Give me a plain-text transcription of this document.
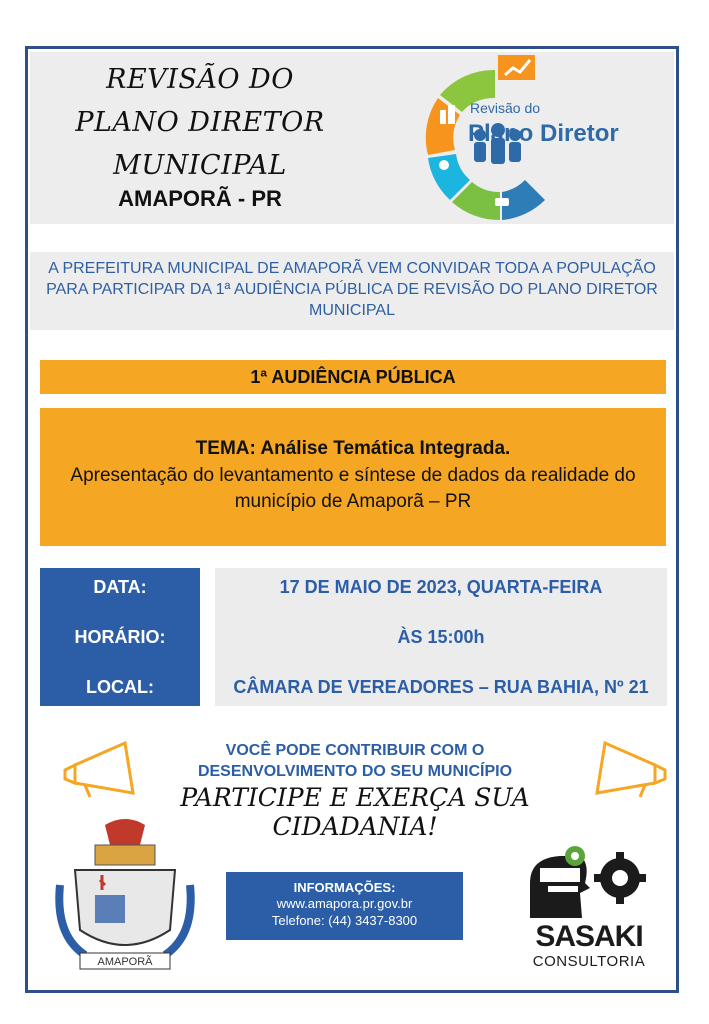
REVISÃO DO
PLANO DIRETOR
MUNICIPAL
AMAPORÃ - PR
Revisão do
Plano Diretor
A PREFEITURA MUNICIPAL DE AMAPORÃ VEM CONVIDAR TODA A POPULAÇÃO PARA PARTICIPAR DA 1ª AUDIÊNCIA PÚBLICA DE REVISÃO DO PLANO DIRETOR MUNICIPAL
1ª AUDIÊNCIA PÚBLICA
TEMA: Análise Temática Integrada.
Apresentação do levantamento e síntese de dados da realidade do município de Amaporã – PR
DATA:	17 DE MAIO DE 2023, QUARTA-FEIRA
HORÁRIO:	ÀS 15:00h
LOCAL:	CÂMARA DE VEREADORES – RUA BAHIA, Nº 21
VOCÊ PODE CONTRIBUIR COM O
DESENVOLVIMENTO DO SEU MUNICÍPIO
PARTICIPE E EXERÇA SUA CIDADANIA!
AMAPORÃ
INFORMAÇÕES:
www.amapora.pr.gov.br
Telefone: (44) 3437-8300	SASAKI
CONSULTORIA
